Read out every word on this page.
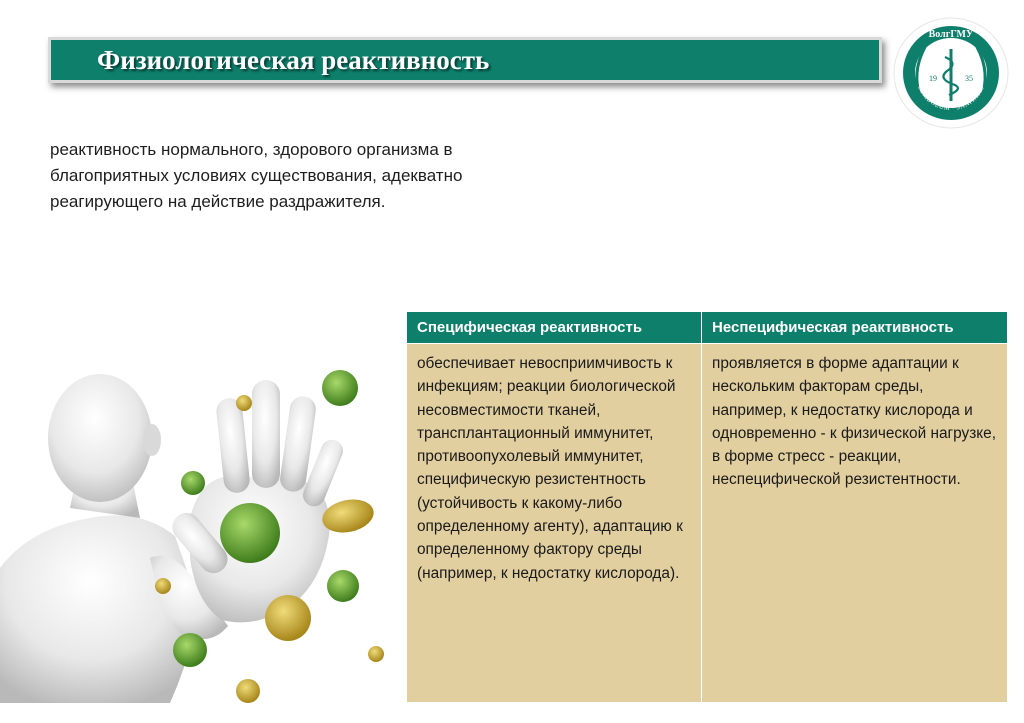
Физиологическая реактивность
ВолгГМУ
19	35
SYMBOLUM · SANITATIS
реактивность нормального, здорового организма в благоприятных условиях существования, адекватно реагирующего на действие раздражителя.
Специфическая реактивность	Неспецифическая реактивность
обеспечивает невосприимчивость к инфекциям; реакции биологической несовместимости тканей, трансплантационный иммунитет, противоопухолевый иммунитет, специфическую резистентность (устойчивость к какому-либо определенному агенту), адаптацию к определенному фактору среды (например, к недостатку кислорода).	проявляется в форме адаптации к нескольким факторам среды, например, к недостатку кислорода и одновременно - к физической нагрузке, в форме стресс - реакции, неспецифической резистентности.
